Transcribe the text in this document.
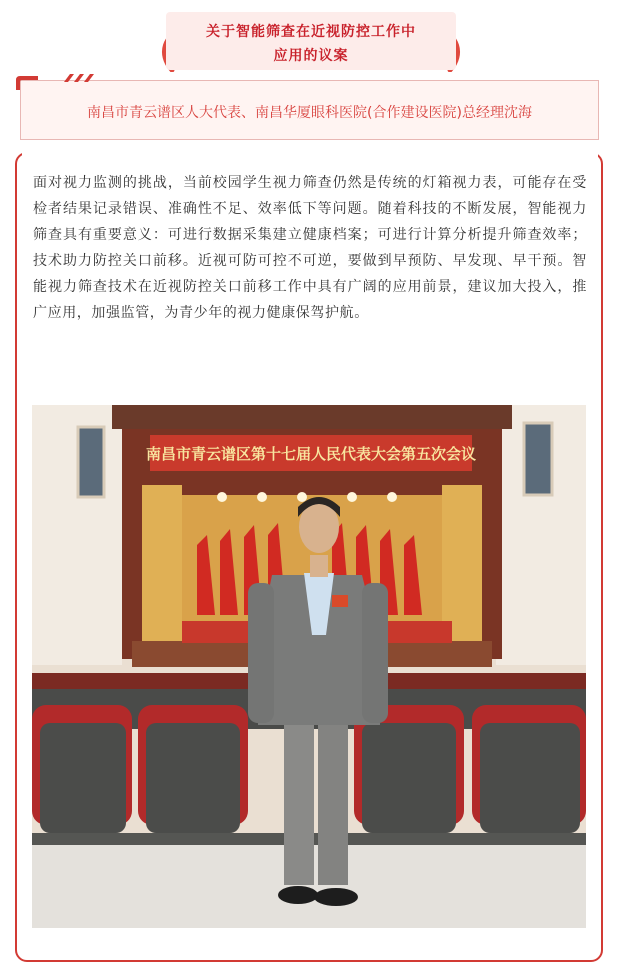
关于智能筛查在近视防控工作中
应用的议案
南昌市青云谱区人大代表、南昌华厦眼科医院(合作建设医院)总经理沈海

面对视力监测的挑战，当前校园学生视力筛查仍然是传统的灯箱视力表，可能存在受检者结果记录错误、准确性不足、效率低下等问题。随着科技的不断发展，智能视力筛查具有重要意义：可进行数据采集建立健康档案；可进行计算分析提升筛查效率；技术助力防控关口前移。近视可防可控不可逆，要做到早预防、早发现、早干预。智能视力筛查技术在近视防控关口前移工作中具有广阔的应用前景，建议加大投入，推广应用，加强监管，为青少年的视力健康保驾护航。

南昌市青云谱区第十七届人民代表大会第五次会议
